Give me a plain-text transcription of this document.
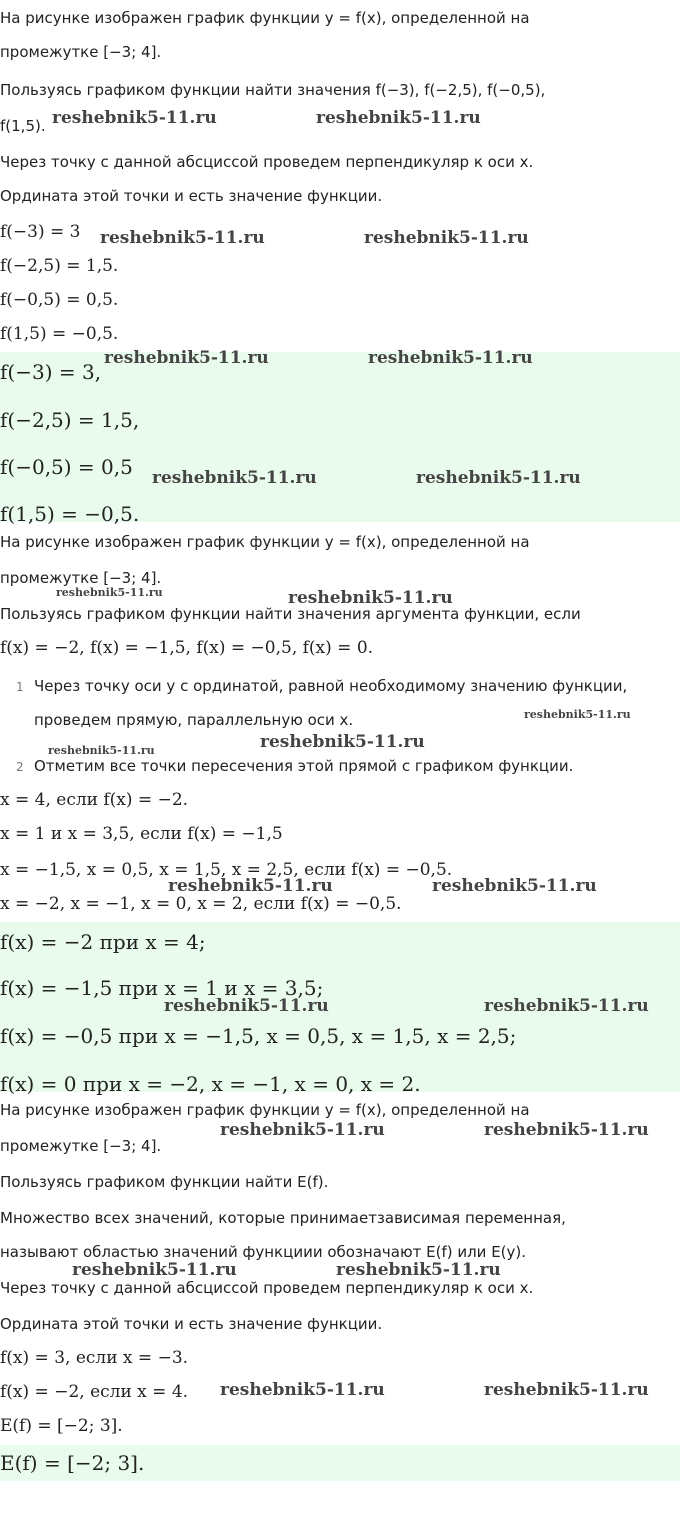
На рисунке изображен график функции y = f(x), определенной на
промежутке [−3; 4].
Пользуясь графиком функции найти значения f(−3), f(−2,5), f(−0,5),
f(1,5).
Через точку с данной абсциссой проведем перпендикуляр к оси x.
Ордината этой точки и есть значение функции.
f(−3) = 3
f(−2,5) = 1,5.
f(−0,5) = 0,5.
f(1,5) = −0,5.
f(−3) = 3,
f(−2,5) = 1,5,
f(−0,5) = 0,5
f(1,5) = −0,5.
На рисунке изображен график функции y = f(x), определенной на
промежутке [−3; 4].
Пользуясь графиком функции найти значения аргумента функции, если
f(x) = −2, f(x) = −1,5, f(x) = −0,5, f(x) = 0.
1 Через точку оси y с ординатой, равной необходимому значению функции,
проведем прямую, параллельную оси x.
2 Отметим все точки пересечения этой прямой с графиком функции.
x = 4, если f(x) = −2.
x = 1 и x = 3,5, если f(x) = −1,5
x = −1,5, x = 0,5, x = 1,5, x = 2,5, если f(x) = −0,5.
x = −2, x = −1, x = 0, x = 2, если f(x) = −0,5.
f(x) = −2 при x = 4;
f(x) = −1,5 при x = 1 и x = 3,5;
f(x) = −0,5 при x = −1,5, x = 0,5, x = 1,5, x = 2,5;
f(x) = 0 при x = −2, x = −1, x = 0, x = 2.
На рисунке изображен график функции y = f(x), определенной на
промежутке [−3; 4].
Пользуясь графиком функции найти E(f).
Множество всех значений, которые принимаетзависимая переменная,
называют областью значений функциии обозначают E(f) или E(y).
Через точку с данной абсциссой проведем перпендикуляр к оси x.
Ордината этой точки и есть значение функции.
f(x) = 3, если x = −3.
f(x) = −2, если x = 4.
E(f) = [−2; 3].
E(f) = [−2; 3].
reshebnik5-11.ru	reshebnik5-11.ru
reshebnik5-11.ru	reshebnik5-11.ru
reshebnik5-11.ru	reshebnik5-11.ru
reshebnik5-11.ru	reshebnik5-11.ru
reshebnik5-11.ru	reshebnik5-11.ru
reshebnik5-11.ru
reshebnik5-11.ru	reshebnik5-11.ru
reshebnik5-11.ru	reshebnik5-11.ru
reshebnik5-11.ru	reshebnik5-11.ru
reshebnik5-11.ru	reshebnik5-11.ru
reshebnik5-11.ru	reshebnik5-11.ru
reshebnik5-11.ru	reshebnik5-11.ru
